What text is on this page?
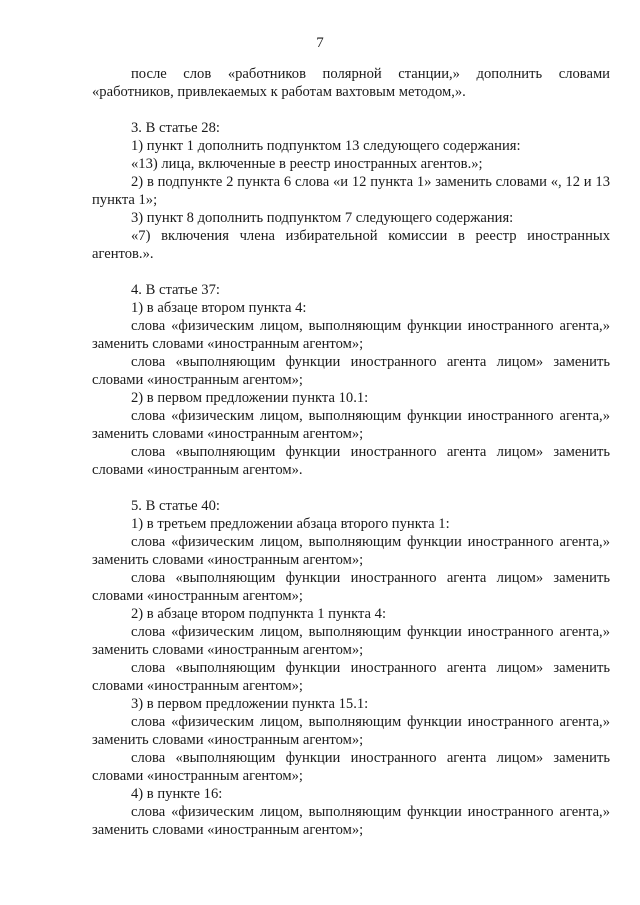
7

после слов «работников полярной станции,» дополнить словами «работников, привлекаемых к работам вахтовым методом,».

3. В статье 28:

1) пункт 1 дополнить подпунктом 13 следующего содержания:

«13) лица, включенные в реестр иностранных агентов.»;

2) в подпункте 2 пункта 6 слова «и 12 пункта 1» заменить словами «, 12 и 13 пункта 1»;

3) пункт 8 дополнить подпунктом 7 следующего содержания:

«7) включения члена избирательной комиссии в реестр иностранных агентов.».

4. В статье 37:

1) в абзаце втором пункта 4:

слова «физическим лицом, выполняющим функции иностранного агента,» заменить словами «иностранным агентом»;

слова «выполняющим функции иностранного агента лицом» заменить словами «иностранным агентом»;

2) в первом предложении пункта 10.1:

слова «физическим лицом, выполняющим функции иностранного агента,» заменить словами «иностранным агентом»;

слова «выполняющим функции иностранного агента лицом» заменить словами «иностранным агентом».

5. В статье 40:

1) в третьем предложении абзаца второго пункта 1:

слова «физическим лицом, выполняющим функции иностранного агента,» заменить словами «иностранным агентом»;

слова «выполняющим функции иностранного агента лицом» заменить словами «иностранным агентом»;

2) в абзаце втором подпункта 1 пункта 4:

слова «физическим лицом, выполняющим функции иностранного агента,» заменить словами «иностранным агентом»;

слова «выполняющим функции иностранного агента лицом» заменить словами «иностранным агентом»;

3) в первом предложении пункта 15.1:

слова «физическим лицом, выполняющим функции иностранного агента,» заменить словами «иностранным агентом»;

слова «выполняющим функции иностранного агента лицом» заменить словами «иностранным агентом»;

4) в пункте 16:

слова «физическим лицом, выполняющим функции иностранного агента,» заменить словами «иностранным агентом»;
